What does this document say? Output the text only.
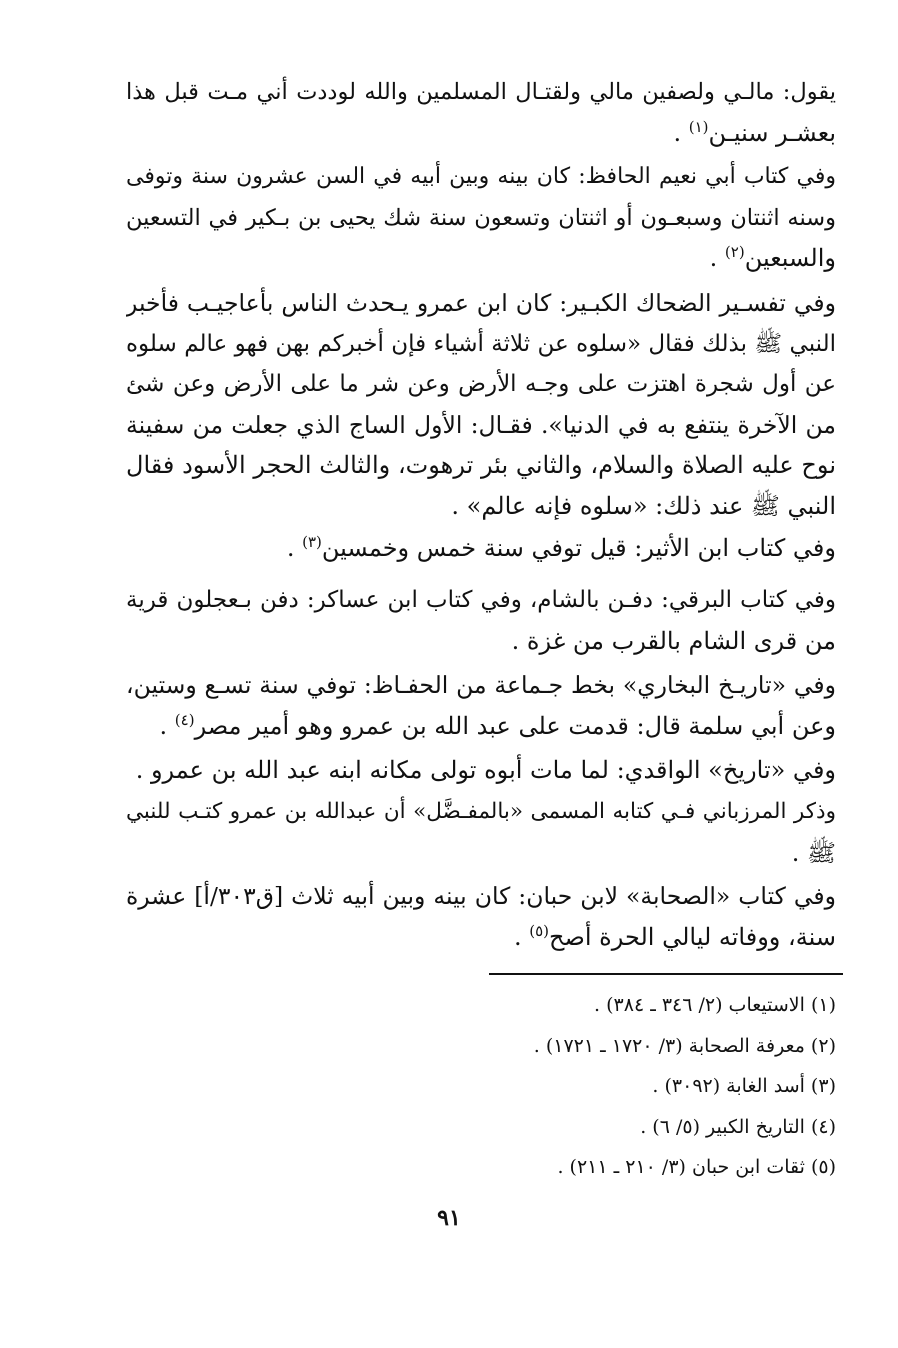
يقول: مالـي ولصفين مالي ولقتـال المسلمين والله لوددت أني مـت قبل هذا
بعشـر سنيـن$^{(١)}$ .
وفي كتاب أبي نعيم الحافظ: كان بينه وبين أبيه في السن عشرون سنة وتوفى
وسنه اثنتان وسبعـون أو اثنتان وتسعون سنة شك يحيى بن بـكير في التسعين
والسبعين$^{(٢)}$ .
وفي تفسـير الضحاك الكبـير: كان ابن عمرو يـحدث الناس بأعاجيـب فأخبر
النبي ﷺ بذلك فقال «سلوه عن ثلاثة أشياء فإن أخبركم بهن فهو عالم سلوه
عن أول شجرة اهتزت على وجـه الأرض وعن شر ما على الأرض وعن شئ
من الآخرة ينتفع به في الدنيا». فقـال: الأول الساج الذي جعلت من سفينة
نوح عليه الصلاة والسلام، والثاني بئر ترهوت، والثالث الحجر الأسود فقال
النبي ﷺ عند ذلك: «سلوه فإنه عالم» .
وفي كتاب ابن الأثير: قيل توفي سنة خمس وخمسين$^{(٣)}$ .
وفي كتاب البرقي: دفـن بالشام، وفي كتاب ابن عساكر: دفن بـعجلون قرية
من قرى الشام بالقرب من غزة .
وفي «تاريـخ البخاري» بخط جـماعة من الحفـاظ: توفي سنة تسـع وستين،
وعن أبي سلمة قال: قدمت على عبد الله بن عمرو وهو أمير مصر$^{(٤)}$ .
وفي «تاريخ» الواقدي: لما مات أبوه تولى مكانه ابنه عبد الله بن عمرو .
وذكر المرزباني فـي كتابه المسمى «بالمفـضَّل» أن عبدالله بن عمرو كتـب للنبي
ﷺ .
وفي كتاب «الصحابة» لابن حبان: كان بينه وبين أبيه ثلاث [ق٣٠٣/أ] عشرة
سنة، ووفاته ليالي الحرة أصح$^{(٥)}$ .
(١) الاستيعاب (٢/ ٣٤٦ ـ ٣٨٤) .
(٢) معرفة الصحابة (٣/ ١٧٢٠ ـ ١٧٢١) .
(٣) أسد الغابة (٣٠٩٢) .
(٤) التاريخ الكبير (٥/ ٦) .
(٥) ثقات ابن حبان (٣/ ٢١٠ ـ ٢١١) .
٩١
